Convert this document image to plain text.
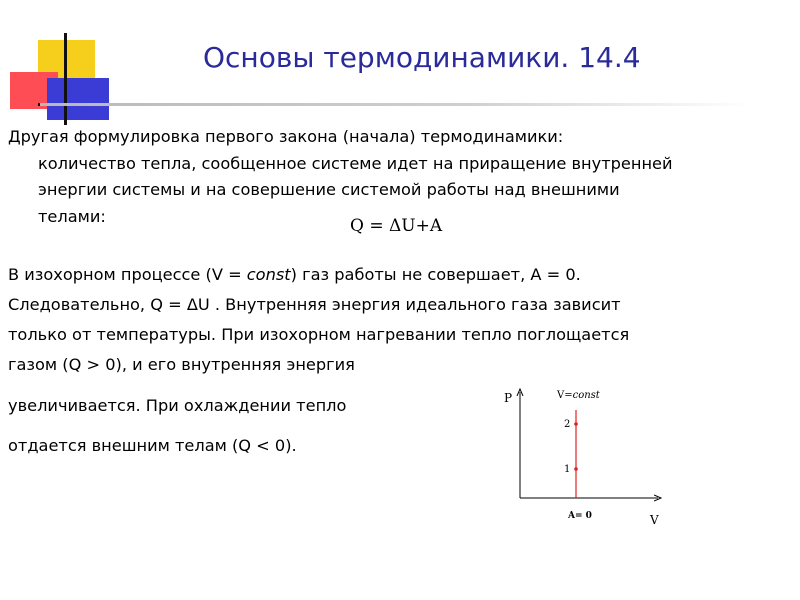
Основы термодинамики. 14.4

Другая формулировка первого закона (начала) термодинамики:
количество тепла, сообщенное системе идет на приращение внутренней
энергии системы и на совершение системой работы над внешними
телами:	Q = ΔU+A

В изохорном процессе (V = const) газ работы не совершает, A = 0.

Следовательно, Q = ΔU . Внутренняя энергия идеального газа зависит

только от температуры. При изохорном нагревании тепло поглощается

газом (Q > 0), и его внутренняя энергия

увеличивается. При охлаждении тепло

отдается внешним телам (Q < 0).

P
V
V=const
2
1
A= 0
